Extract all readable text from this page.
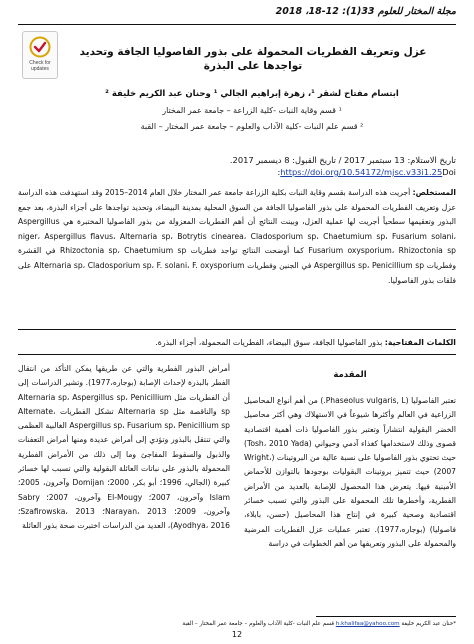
مجلة المختار للعلوم 33(1): 12-18، 2018
Check for
updates
عزل وتعريف الفطريات المحمولة على بذور الفاصوليا الجافة وتحديد تواجدها على البذرة
ابتسام مفتاح لشقر ¹، زهرة إبراهيم الجالي ¹ وحنان عبد الكريم خليفة ²
¹ قسم وقاية النبات -كلية الزراعة – جامعة عمر المختار
² قسم علم النبات -كلية الآداب والعلوم – جامعة عمر المختار – القبة
تاريخ الاستلام: 13 سبتمبر 2017 / تاريخ القبول: 8 ديسمبر 2017.
https://doi.org/10.54172/mjsc.v33i1.25Doi:
المستخلص: أجريت هذه الدراسة بقسم وقاية النبات بكلية الزراعة جامعة عمر المختار خلال العام 2014–2015 وقد استهدفت هذه الدراسة عزل وتعريف الفطريات المحمولة على بذور الفاصوليا الجافة من السوق المحلية بمدينة البيضاء، وتحديد تواجدها على أجزاء البذرة، بعد جمع البذور وتعقيمها سطحياً أجريت لها عملية العزل، وبينت النتائج أن أهم الفطريات المعزولة من بذور الفاصوليا المختبرة هي Aspergillus niger، Aspergillus flavus، Alternaria sp، Botrytis cinearea، Cladosporium sp، Chaetumium sp، Fusarium solani، Fusarium oxysporium، Rhizoctonia sp كما أوضحت النتائج تواجد فطريات Rhizoctonia sp، Chaetumium sp في القشرة وفطريات Aspergillus sp، Penicillium sp في الجنين وفطريات Alternaria sp، Cladosporium sp، F. solani، F. oxysporium على فلقات بذور الفاصوليا.
الكلمات المفتاحية: بذور الفاصوليا الجافة، سوق البيضاء، الفطريات المحمولة، أجزاء البذرة.
المقدمة
تعتبر الفاصوليا (Phaseolus vulgaris, L.) من أهم أنواع المحاصيل الزراعية في العالم وأكثرها شيوعاً في الاستهلاك وهي أكثر محاصيل الخضر البقولية انتشاراً وتعتبر بذور الفاصوليا ذات أهمية اقتصادية قصوى وذلك لاستخدامها كغذاء آدمي وحيواني (Tosh، 2010 Yada) حيث تحتوي بذور الفاصوليا على نسبة عالية من البروتينات (Wright، 2007) حيث تتميز بروتينات البقوليات بوجودها بالتوازن للأحماض الأمينية فيها. يتعرض هذا المحصول للإصابة بالعديد من الأمراض الفطرية، وأخطرها تلك المحمولة على البذور والتي تسبب خسائر اقتصادية وصحية كبيرة في إنتاج هذا المحاصيل (حسن، بابلاء، فاصوليا) (بوجاره،1977). تعتبر عمليات عزل الفطريات المرضية والمحمولة على البذور وتعريفها من أهم الخطوات في دراسة
أمراض البذور الفطرية والتي عن طريقها يمكن التأكد من انتقال الفطر بالبذرة لإحداث الإصابة (بوجاره،1977). وتشير الدراسات إلى أن الفطريات مثل Alternaria sp، Aspergillus sp، Penicillium sp والناقصة مثل Alternaria sp تشكل الفطريات Alternate، Aspergillus sp، Fusarium sp، Penicillium sp الغالبية العظمى والتي تنتقل بالبذور وتؤدي إلى أمراض عديدة ومنها أمراض التعفنات والذبول والسقوط المفاجئ وما إلى ذلك من الأمراض الفطرية المحمولة بالبذور على نباتات العائلة البقولية والتي تسبب لها خسائر كبيرة (الجالي، 1996؛ أبو بكر، 2000؛ Domijan وآخرون، 2005؛ Islam وآخرون، 2007؛ El-Mougy وآخرون، 2007؛ Sabry وآخرون، 2009؛ Narayan، 2013؛ Szafirowska، 2013؛ Ayodhya، 2016)، العديد من الدراسات اختبرت صحة بذور العائلة
*حنان عبد الكريم خليفة h.khalifaa@yahoo.com قسم علم النبات -كلية الآداب والعلوم – جامعة عمر المختار – القبة
12
